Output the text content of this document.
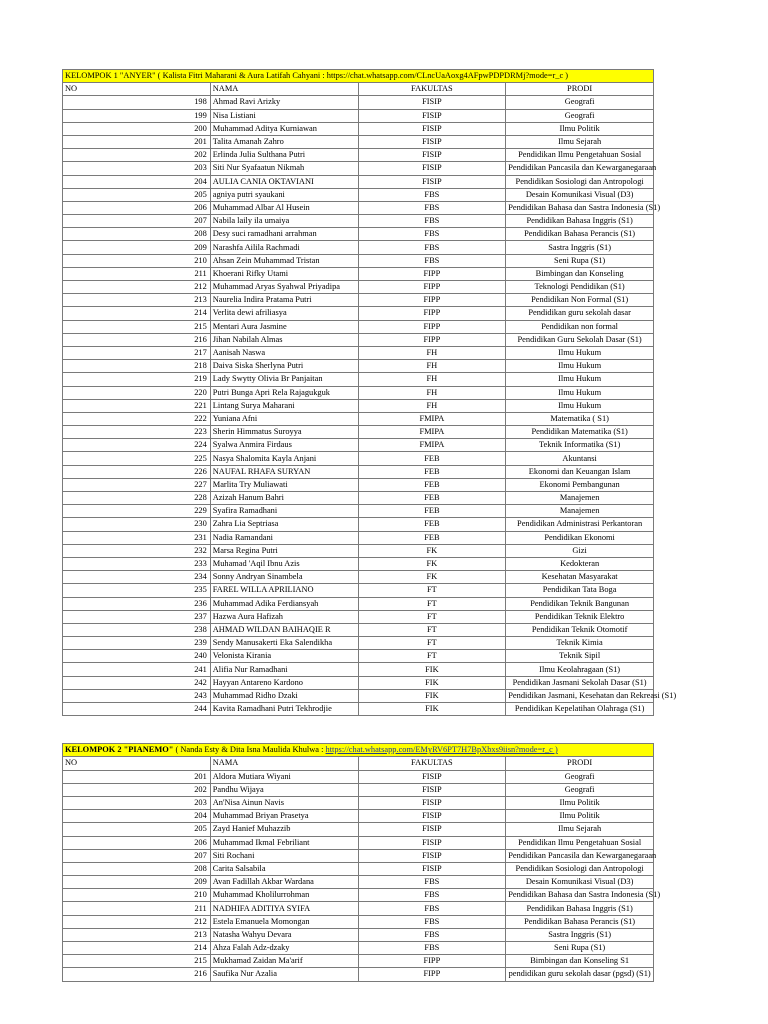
KELOMPOK 1 "ANYER" ( Kalista Fitri Maharani & Aura Latifah Cahyani : https://chat.whatsapp.com/CLncUaAoxg4AFpwPDPDRMj?mode=r_c )			
NO	NAMA	FAKULTAS	PRODI
198	Ahmad Ravi Arizky	FISIP	Geografi
199	Nisa Listiani	FISIP	Geografi
200	Muhammad Aditya Kurniawan	FISIP	Ilmu Politik
201	Talita Amanah Zahro	FISIP	Ilmu Sejarah
202	Erlinda Julia Sulthana Putri	FISIP	Pendidikan Ilmu Pengetahuan Sosial
203	Siti Nur Syafaatun Nikmah	FISIP	Pendidikan Pancasila dan Kewarganegaraan
204	AULIA CANIA OKTAVIANI	FISIP	Pendidikan Sosiologi dan Antropologi
205	agniya putri syaukani	FBS	Desain Komunikasi Visual (D3)
206	Muhammad Albar Al Husein	FBS	Pendidikan Bahasa dan Sastra Indonesia (S1)
207	Nabila laily ila umaiya	FBS	Pendidikan Bahasa Inggris (S1)
208	Desy suci ramadhani arrahman	FBS	Pendidikan Bahasa Perancis (S1)
209	Narashfa Ailila Rachmadi	FBS	Sastra Inggris (S1)
210	Ahsan Zein Muhammad Tristan	FBS	Seni Rupa (S1)
211	Khoerani Rifky Utami	FIPP	Bimbingan dan Konseling
212	Muhammad Aryas Syahwal Priyadipa	FIPP	Teknologi Pendidikan (S1)
213	Naurelia Indira Pratama Putri	FIPP	Pendidikan Non Formal (S1)
214	Verlita dewi afriliasya	FIPP	Pendidikan guru sekolah dasar
215	Mentari Aura Jasmine	FIPP	Pendidikan non formal
216	Jihan Nabilah Almas	FIPP	Pendidikan Guru Sekolah Dasar (S1)
217	Aanisah Naswa	FH	Ilmu Hukum
218	Daiva Siska Sherlyna Putri	FH	Ilmu Hukum
219	Lady Swytty Olivia Br Panjaitan	FH	Ilmu Hukum
220	Putri Bunga Apri Rela Rajagukguk	FH	Ilmu Hukum
221	Lintang Surya Maharani	FH	Ilmu Hukum
222	Yuniana Afni	FMIPA	Matematika ( S1)
223	Sherin Himmatus Suroyya	FMIPA	Pendidikan Matematika (S1)
224	Syalwa Anmira Firdaus	FMIPA	Teknik Informatika (S1)
225	Nasya Shalomita Kayla Anjani	FEB	Akuntansi
226	NAUFAL RHAFA SURYAN	FEB	Ekonomi dan Keuangan Islam
227	Marlita Try Muliawati	FEB	Ekonomi Pembangunan
228	Azizah Hanum Bahri	FEB	Manajemen
229	Syafira Ramadhani	FEB	Manajemen
230	Zahra Lia Septriasa	FEB	Pendidikan Administrasi Perkantoran
231	Nadia Ramandani	FEB	Pendidikan Ekonomi
232	Marsa Regina Putri	FK	Gizi
233	Muhamad 'Aqil Ibnu Azis	FK	Kedokteran
234	Sonny Andryan Sinambela	FK	Kesehatan Masyarakat
235	FAREL WILLA APRILIANO	FT	Pendidikan Tata Boga
236	Muhammad Adika Ferdiansyah	FT	Pendidikan Teknik Bangunan
237	Hazwa Aura Hafizah	FT	Pendidikan Teknik Elektro
238	AHMAD WILDAN BAIHAQIE R	FT	Pendidikan Teknik Otomotif
239	Sendy Manusakerti Eka Salendikha	FT	Teknik Kimia
240	Velonista Kirania	FT	Teknik Sipil
241	Alifia Nur Ramadhani	FIK	Ilmu Keolahragaan (S1)
242	Hayyan Antareno Kardono	FIK	Pendidikan Jasmani Sekolah Dasar (S1)
243	Muhammad Ridho Dzaki	FIK	Pendidikan Jasmani, Kesehatan dan Rekreasi (S1)
244	Kavita Ramadhani Putri Tekhrodjie	FIK	Pendidikan Kepelatihan Olahraga (S1)
KELOMPOK 2 "PIANEMO" ( Nanda Esty & Dita Isna Maulida Khulwa : https://chat.whatsapp.com/EMyRV6PT7H7BpXbxs9iisn?mode=r_c )			
NO	NAMA	FAKULTAS	PRODI
201	Aldora Mutiara Wiyani	FISIP	Geografi
202	Pandhu Wijaya	FISIP	Geografi
203	An'Nisa Ainun Navis	FISIP	Ilmu Politik
204	Muhammad Briyan Prasetya	FISIP	Ilmu Politik
205	Zayd Hanief Muhazzib	FISIP	Ilmu Sejarah
206	Muhammad Ikmal Febriliant	FISIP	Pendidikan Ilmu Pengetahuan Sosial
207	Siti Rochani	FISIP	Pendidikan Pancasila dan Kewarganegaraan
208	Carita Salsabila	FISIP	Pendidikan Sosiologi dan Antropologi
209	Avan Fadillah Akbar Wardana	FBS	Desain Komunikasi Visual (D3)
210	Muhammad Kholilurrohman	FBS	Pendidikan Bahasa dan Sastra Indonesia (S1)
211	NADHIFA ADITIYA SYIFA	FBS	Pendidikan Bahasa Inggris (S1)
212	Estela Emanuela Momongan	FBS	Pendidikan Bahasa Perancis (S1)
213	Natasha Wahyu Devara	FBS	Sastra Inggris (S1)
214	Ahza Falah Adz-dzaky	FBS	Seni Rupa (S1)
215	Mukhamad Zaidan Ma'arif	FIPP	Bimbingan dan Konseling S1
216	Saufika Nur Azalia	FIPP	pendidikan guru sekolah dasar (pgsd) (S1)
